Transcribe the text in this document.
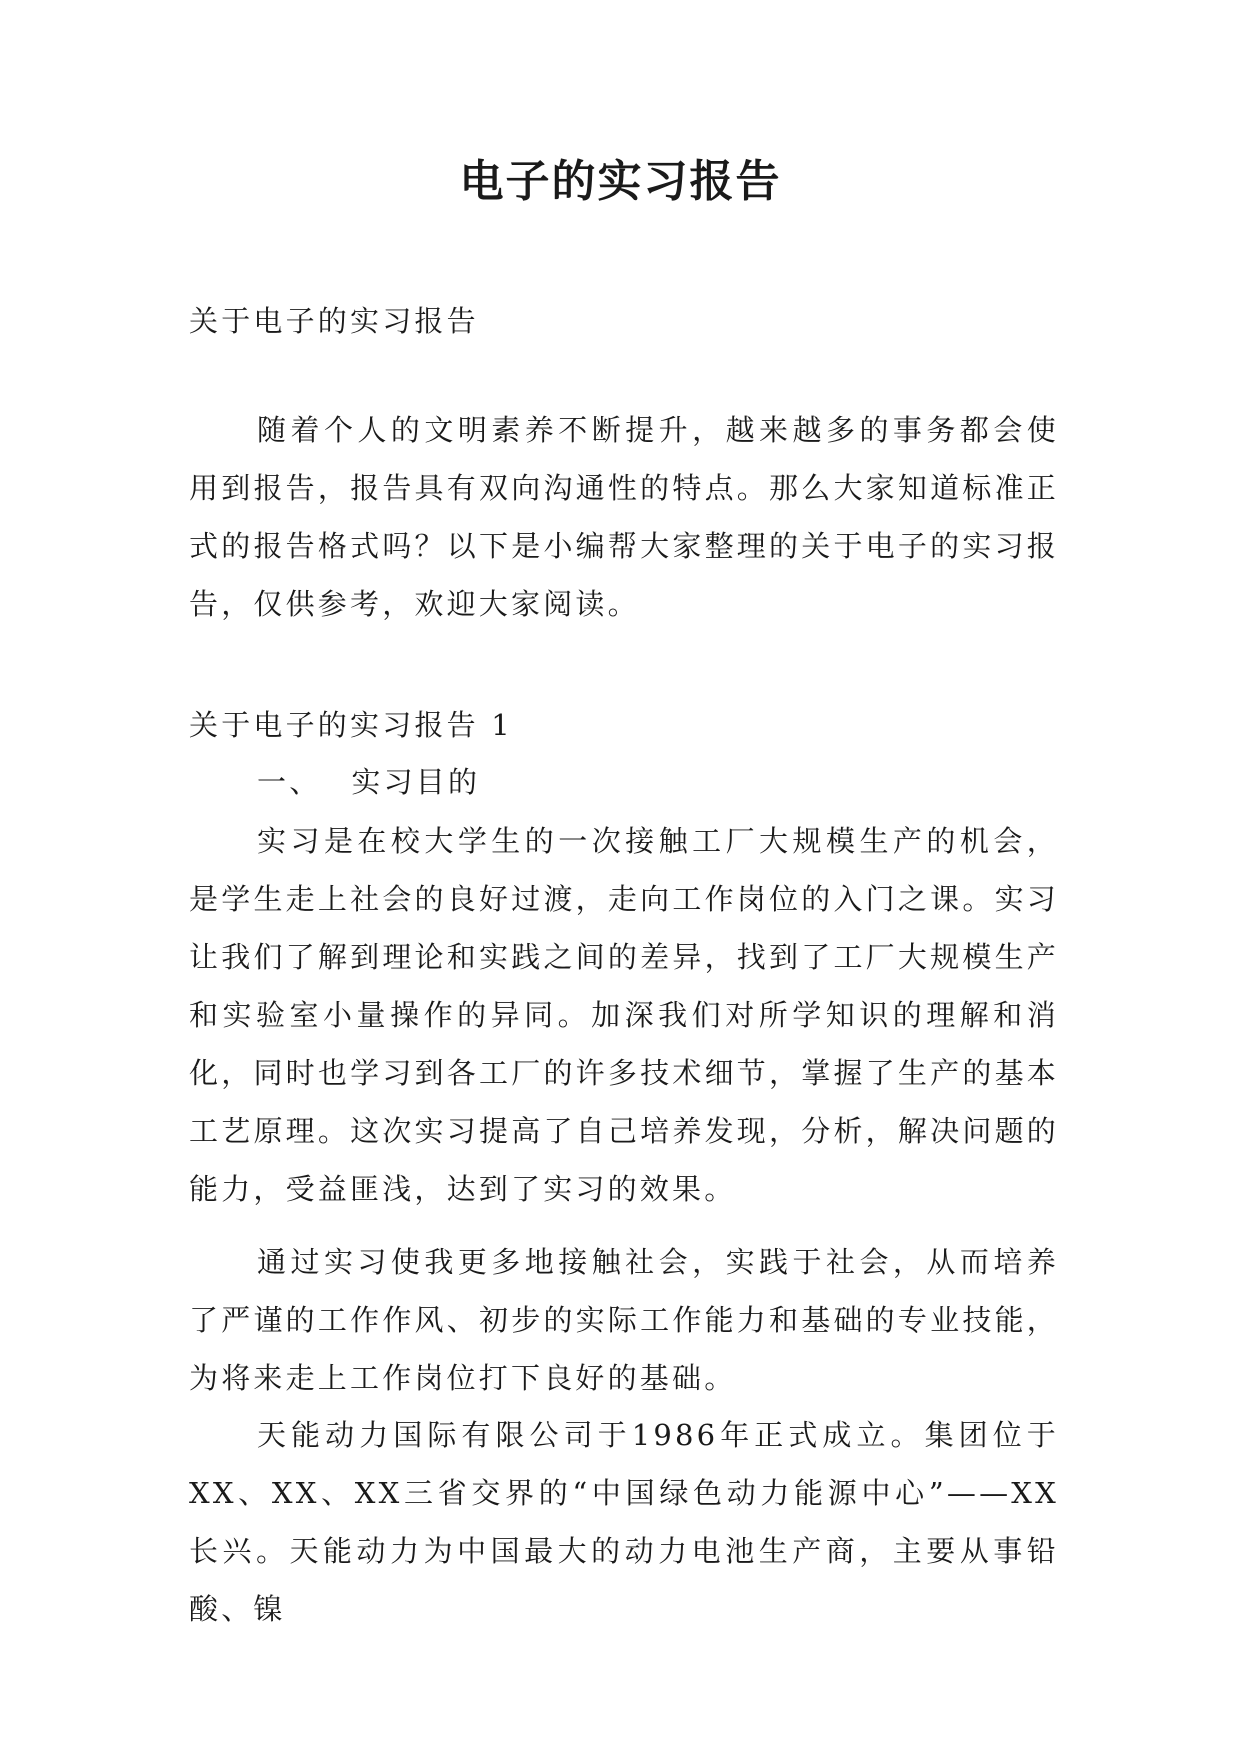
电子的实习报告

关于电子的实习报告

随着个人的文明素养不断提升，越来越多的事务都会使用到报告，报告具有双向沟通性的特点。那么大家知道标准正式的报告格式吗？以下是小编帮大家整理的关于电子的实习报告，仅供参考，欢迎大家阅读。

关于电子的实习报告 1

一、 实习目的

实习是在校大学生的一次接触工厂大规模生产的机会，是学生走上社会的良好过渡，走向工作岗位的入门之课。实习让我们了解到理论和实践之间的差异，找到了工厂大规模生产和实验室小量操作的异同。加深我们对所学知识的理解和消化，同时也学习到各工厂的许多技术细节，掌握了生产的基本工艺原理。这次实习提高了自己培养发现，分析，解决问题的能力，受益匪浅，达到了实习的效果。

通过实习使我更多地接触社会，实践于社会，从而培养了严谨的工作作风、初步的实际工作能力和基础的专业技能，为将来走上工作岗位打下良好的基础。

天能动力国际有限公司于1986年正式成立。集团位于XX、XX、XX三省交界的“中国绿色动力能源中心”——XX长兴。天能动力为中国最大的动力电池生产商，主要从事铅酸、镍
